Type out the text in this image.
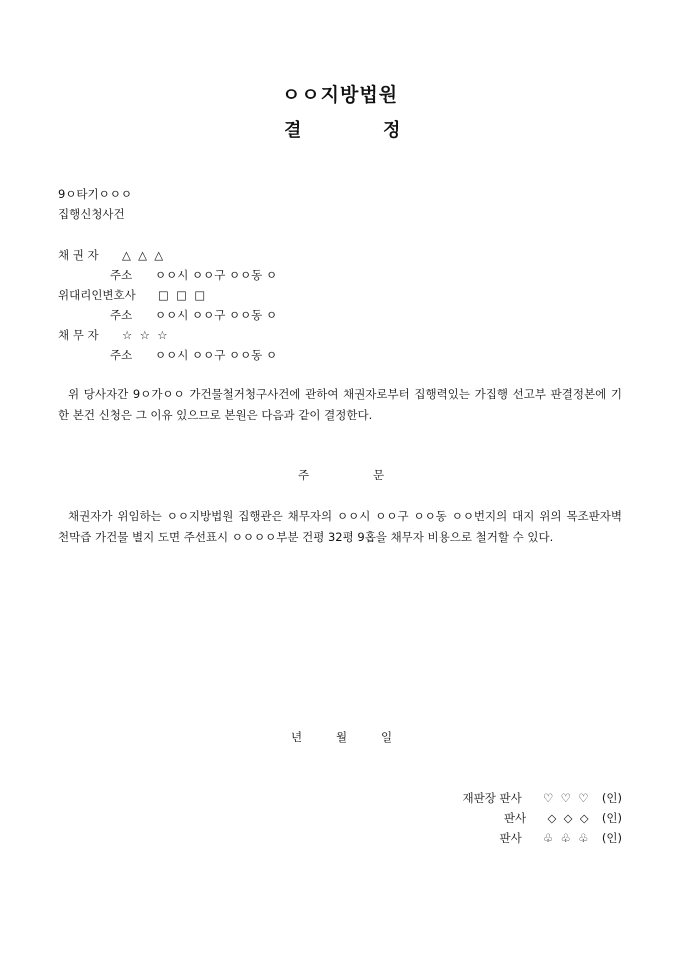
ㅇㅇ지방법원
결	정
9ㅇ타기ㅇㅇㅇ
집행신청사건
채 권 자 △  △  △
주소 ㅇㅇ시 ㅇㅇ구 ㅇㅇ동 ㅇ
위대리인변호사 □  □  □
주소 ㅇㅇ시 ㅇㅇ구 ㅇㅇ동 ㅇ
채 무 자 ☆  ☆  ☆
주소 ㅇㅇ시 ㅇㅇ구 ㅇㅇ동 ㅇ
위 당사자간 9ㅇ가ㅇㅇ 가건물철거청구사건에 관하여 채권자로부터 집행력있는 가집행 선고부 판결정본에 기한 본건 신청은 그 이유 있으므로 본원은 다음과 같이 결정한다.
주	문
채권자가 위임하는 ㅇㅇ지방법원 집행관은 채무자의 ㅇㅇ시 ㅇㅇ구 ㅇㅇ동 ㅇㅇ번지의 대지 위의 목조판자벽 천막즙 가건물 별지 도면 주선표시 ㅇㅇㅇㅇ부분 건평 32평 9홉을 채무자 비용으로 철거할 수 있다.
년	월	일
재판장 판사 ♡  ♡  ♡ (인)
판사 ◇  ◇  ◇ (인)
판사 ♧  ♧  ♧ (인)
